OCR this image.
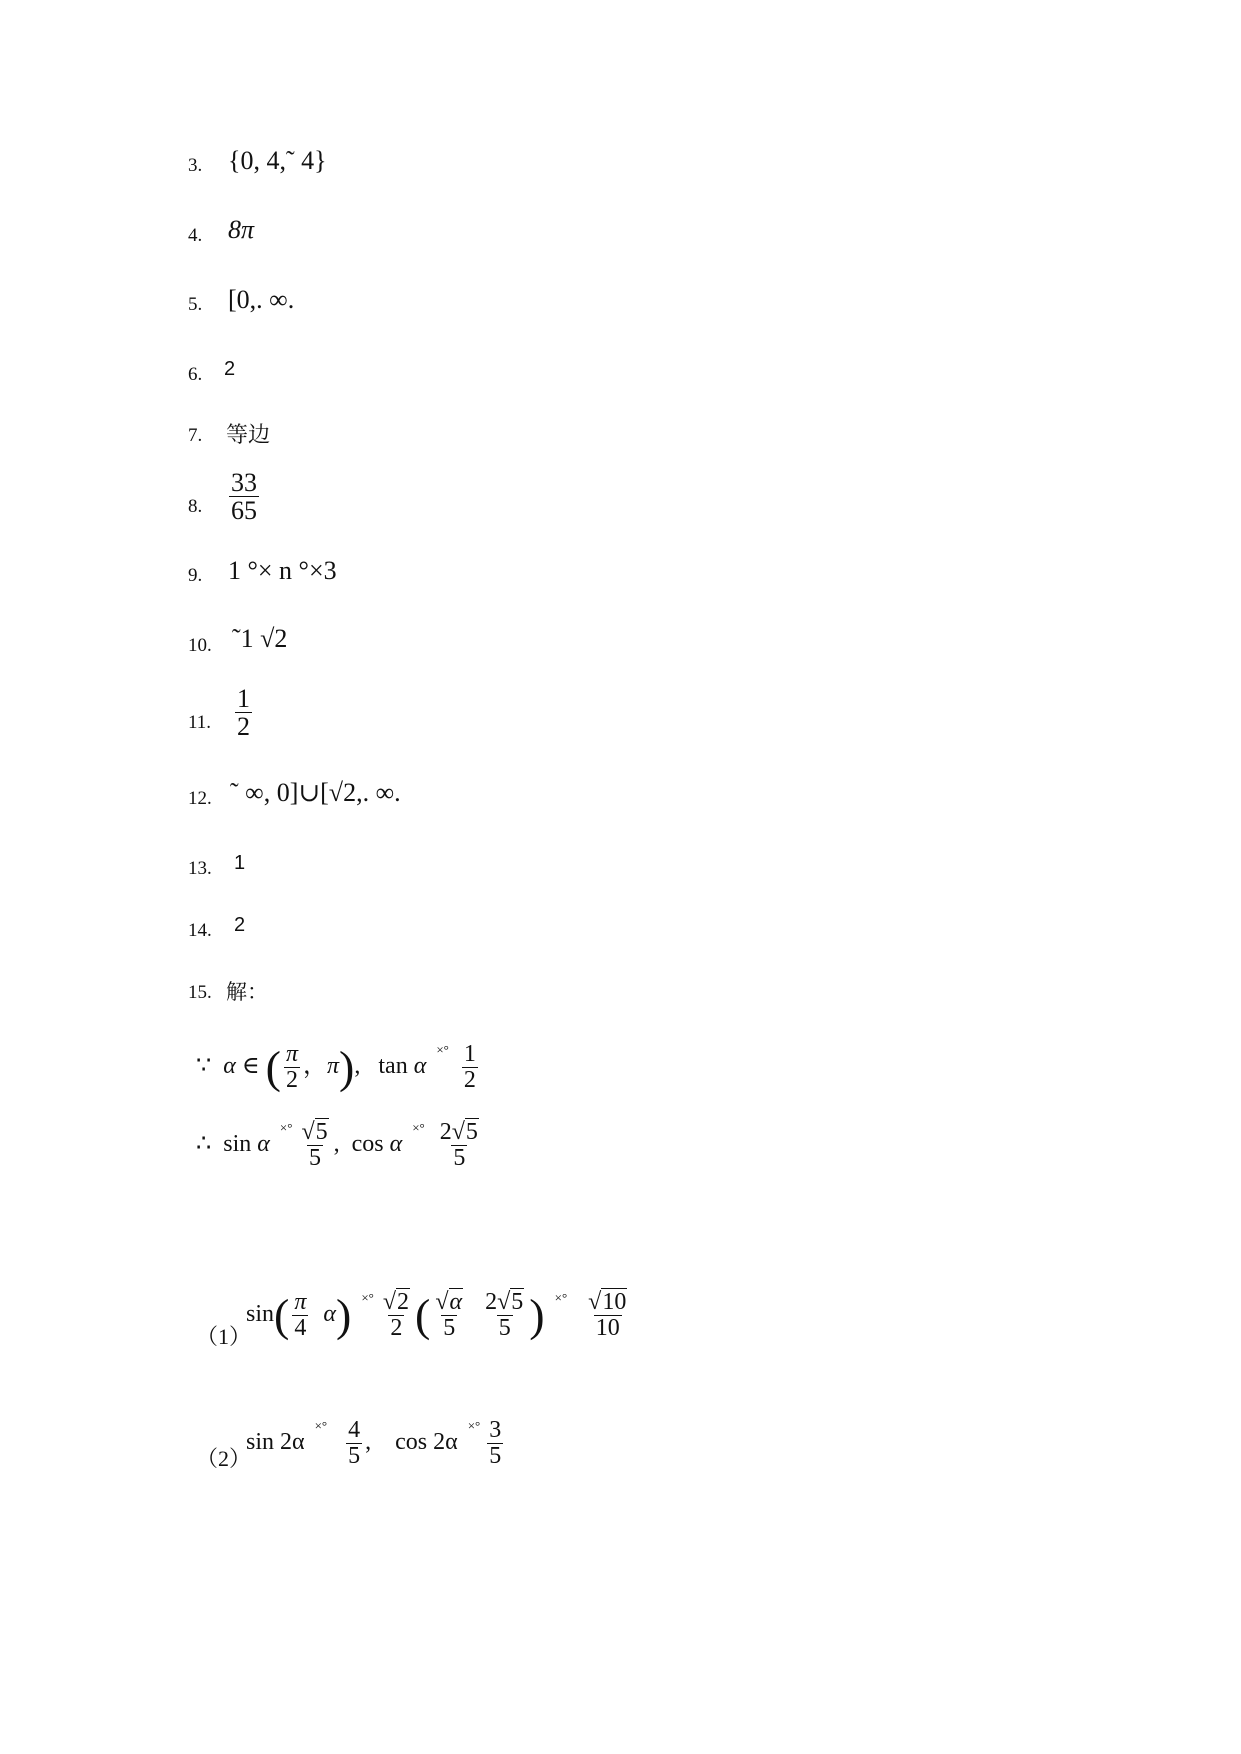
3. {0, 4,˜ 4}
4. 8π
5. [0,. ∞.
6. 2
7. 等边
8. $\frac{33}{65}$
9. 1 °× n °×3
10. ˜1 √2
11. $\frac{1}{2}$
12. ˜ ∞, 0]∪[√2,. ∞.
13. 1
14. 2
15. 解：
∵ α ∈ ( $\frac{\pi}{2}$ ，π), tan α $^{\times^\circ} \frac{1}{2}$
∴ sin α $^{\times^\circ} \frac{√5}{5}$ , cos α $^{\times^\circ} \frac{2√5}{5}$
（1）
$\sin( \frac{\pi}{4} \alpha)$ $^{\times^\circ} \frac{√2}{2}$ ( $\frac{√\alpha}{5}$
$\frac{2√5}{5}$ ) $^{\times^\circ} \frac{√10}{10}$
（2）
sin 2α $^{\times^\circ} \frac{4}{5}$ , cos 2α $^{\times^\circ} \frac{3}{5}$
